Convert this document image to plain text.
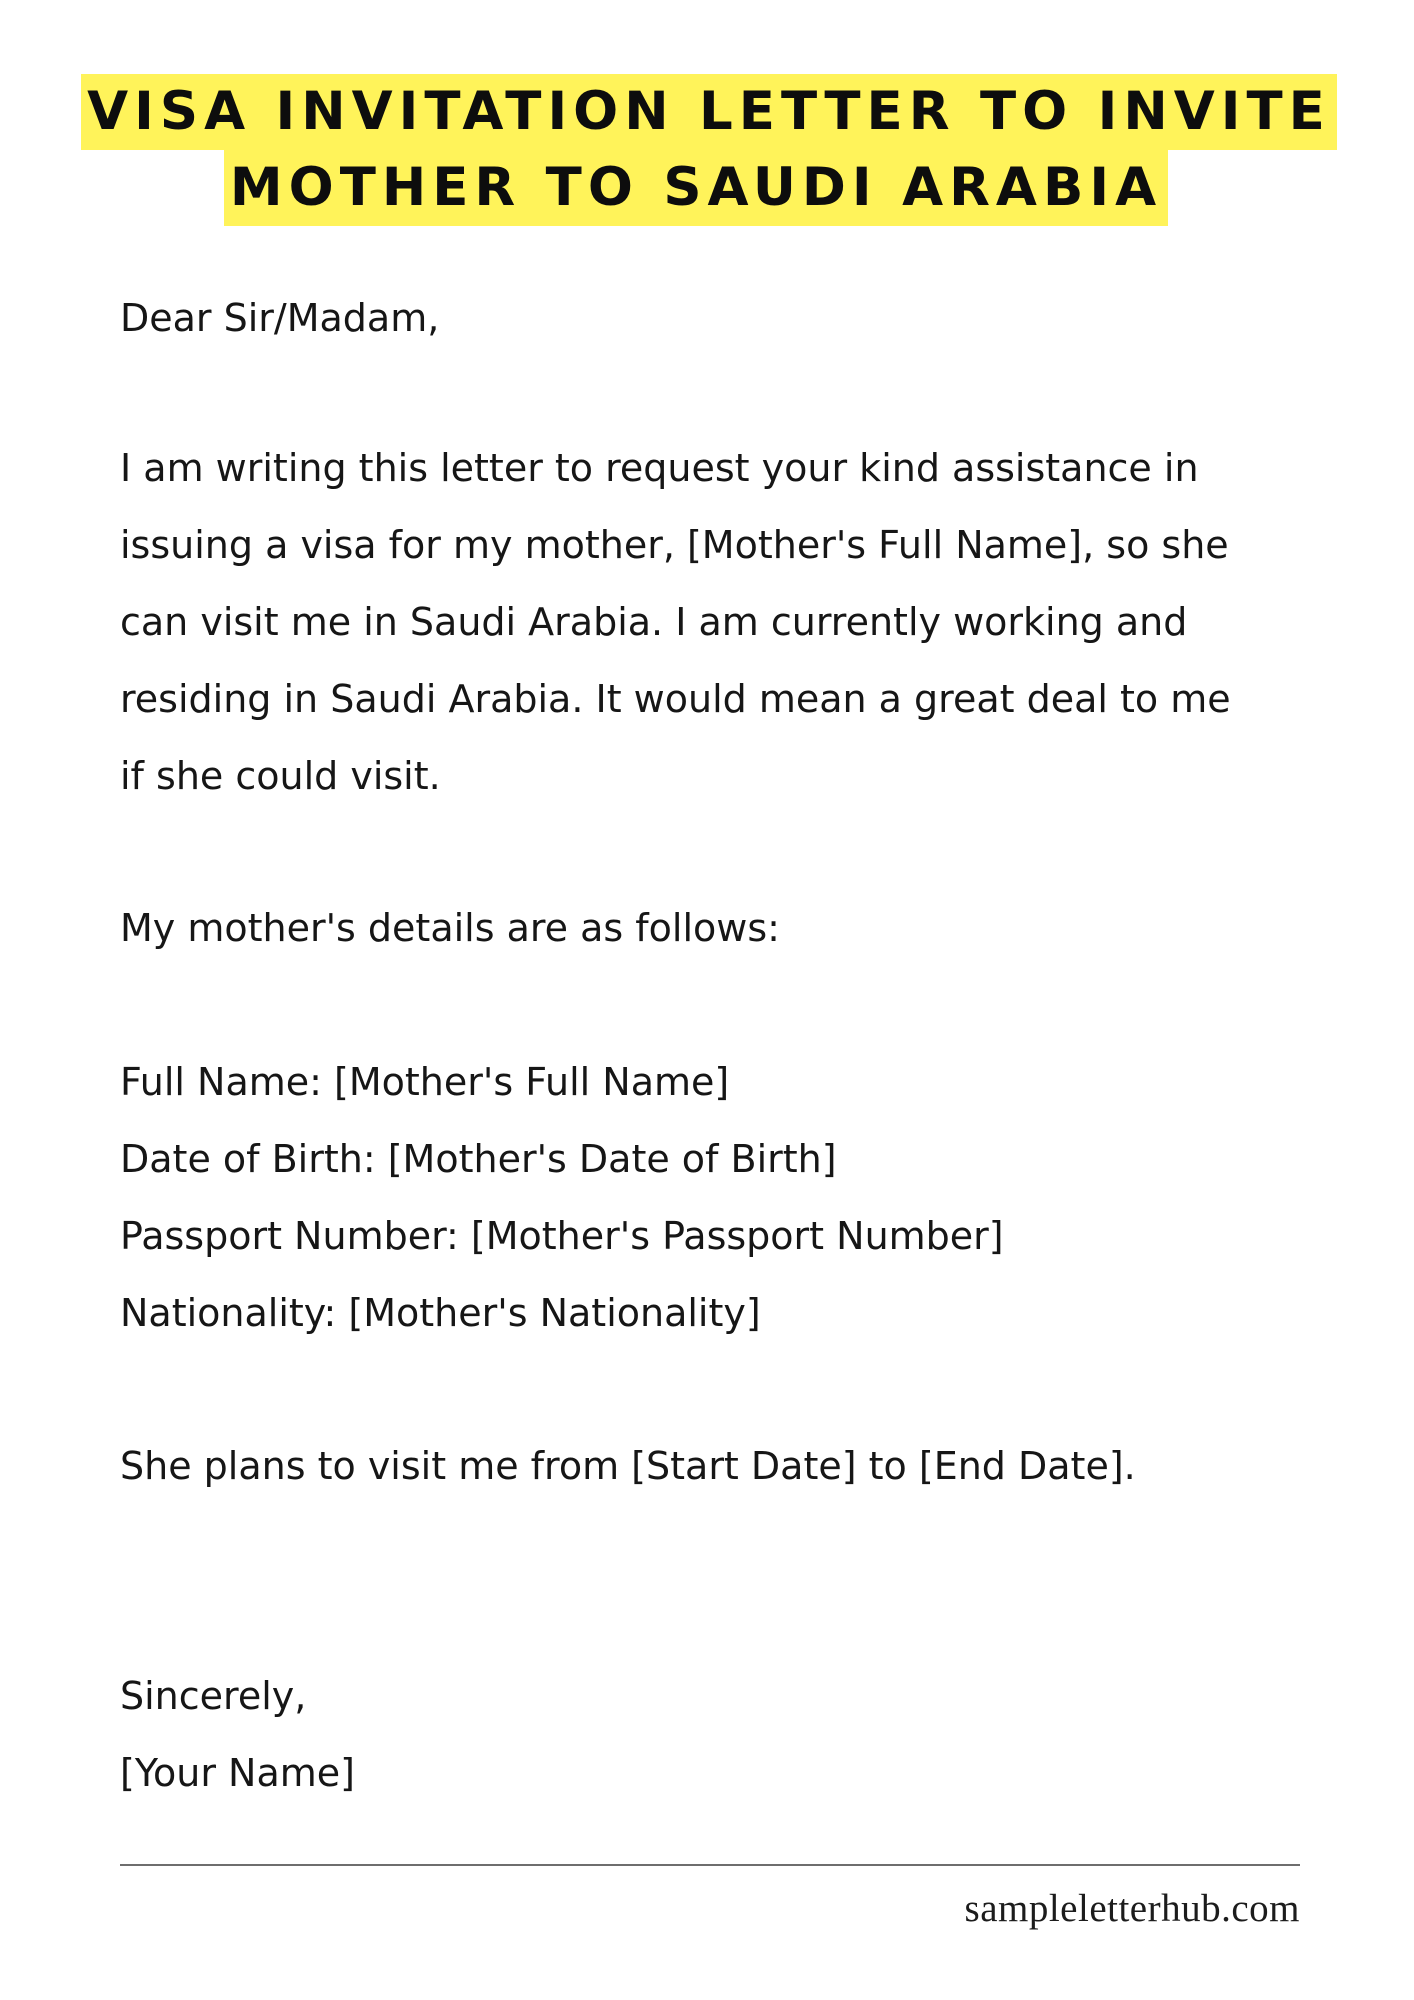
VISA INVITATION LETTER TO INVITE
MOTHER TO SAUDI ARABIA
Dear Sir/Madam,
I am writing this letter to request your kind assistance in
issuing a visa for my mother, [Mother's Full Name], so she
can visit me in Saudi Arabia. I am currently working and
residing in Saudi Arabia. It would mean a great deal to me
if she could visit.
My mother's details are as follows:
Full Name: [Mother's Full Name]
Date of Birth: [Mother's Date of Birth]
Passport Number: [Mother's Passport Number]
Nationality: [Mother's Nationality]
She plans to visit me from [Start Date] to [End Date].
Sincerely,
[Your Name]
sampleletterhub.com
